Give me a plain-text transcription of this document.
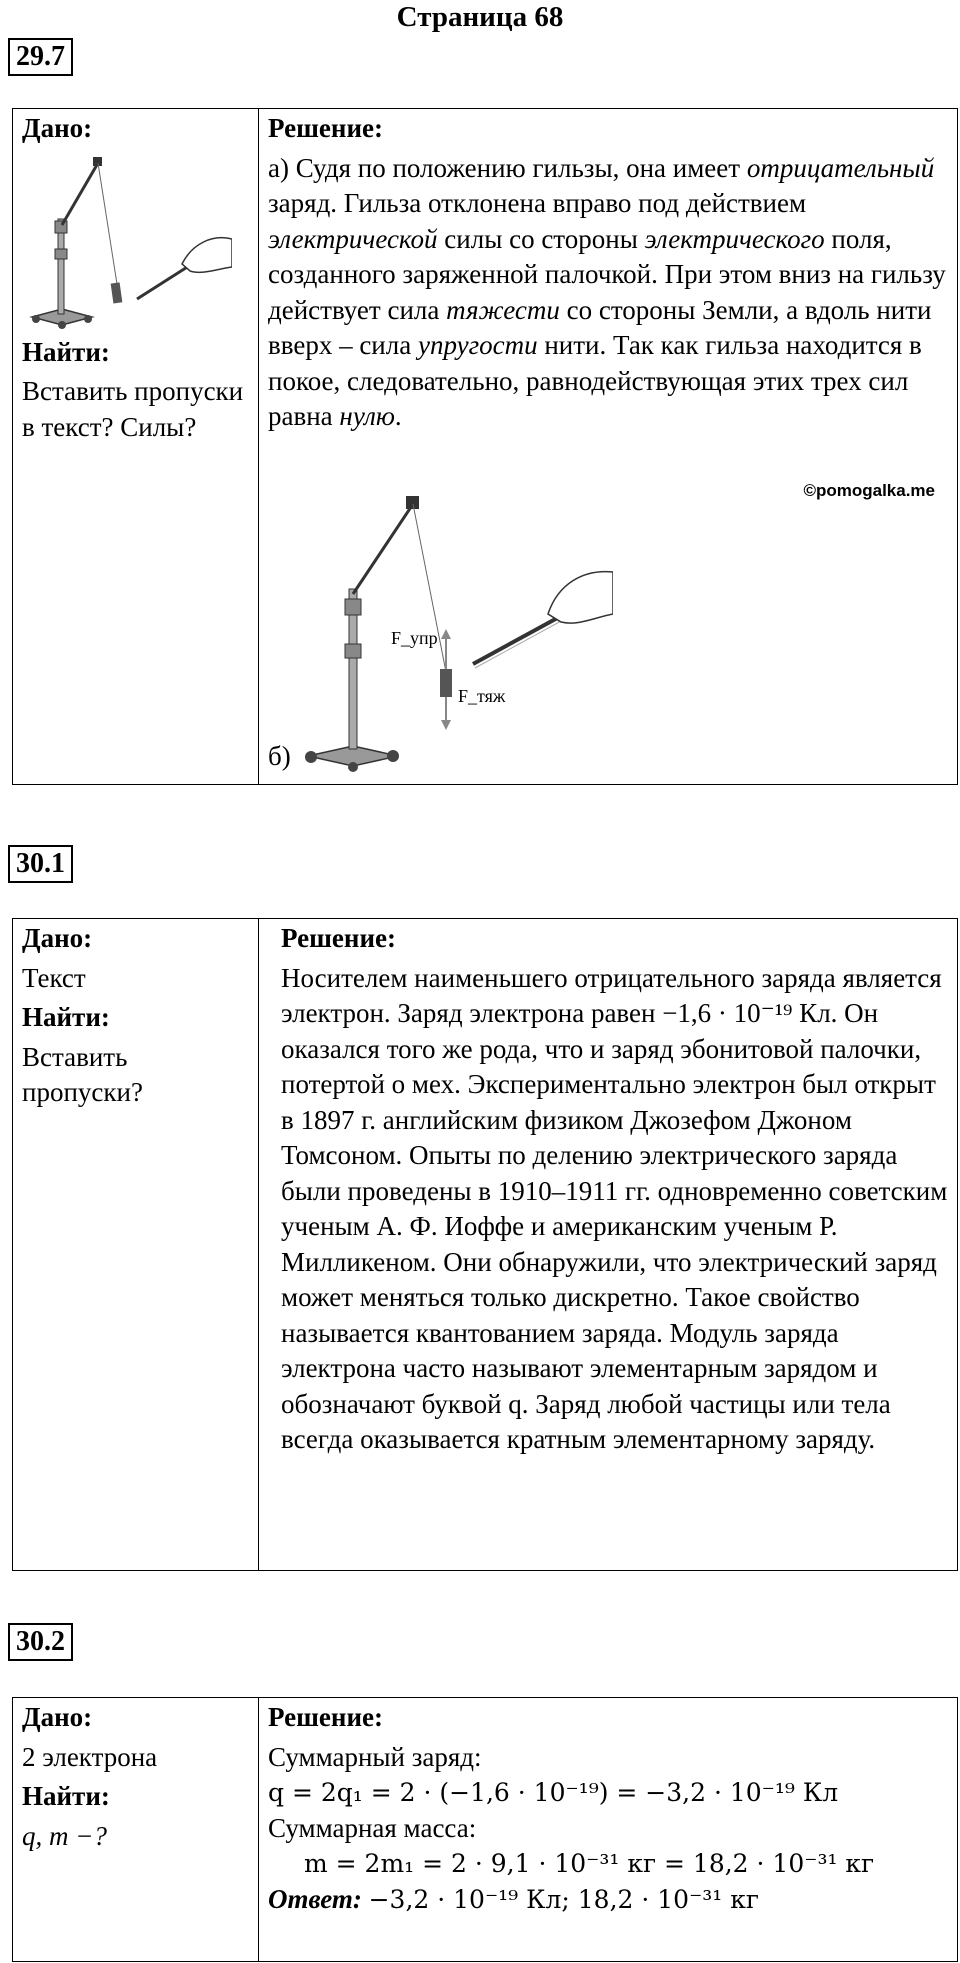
Страница 68
29.7
Дано:
Найти:
Вставить пропуски в текст? Силы?

Решение:
а) Судя по положению гильзы, она имеет отрицательный заряд. Гильза отклонена вправо под действием электрической силы со стороны электрического поля, созданного заряженной палочкой. При этом вниз на гильзу действует сила тяжести со стороны Земли, а вдоль нити вверх – сила упругости нити. Так как гильза находится в покое, следовательно, равнодействующая этих трех сил равна нулю.
©pomogalka.me
F_упр
F_тяж
б)
30.1
Дано:
Текст
Найти:
Вставить пропуски?

Решение:
Носителем наименьшего отрицательного заряда является электрон. Заряд электрона равен −1,6 · 10⁻¹⁹ Кл. Он оказался того же рода, что и заряд эбонитовой палочки, потертой о мех. Экспериментально электрон был открыт в 1897 г. английским физиком Джозефом Джоном Томсоном. Опыты по делению электрического заряда были проведены в 1910–1911 гг. одновременно советским ученым А. Ф. Иоффе и американским ученым Р. Милликеном. Они обнаружили, что электрический заряд может меняться только дискретно. Такое свойство называется квантованием заряда. Модуль заряда электрона часто называют элементарным зарядом и обозначают буквой q. Заряд любой частицы или тела всегда оказывается кратным элементарному заряду.
30.2
Дано:
2 электрона
Найти:
q, m −?

Решение:
Суммарный заряд:
q = 2q₁ = 2 · (−1,6 · 10⁻¹⁹) = −3,2 · 10⁻¹⁹ Кл
Суммарная масса:
m = 2m₁ = 2 · 9,1 · 10⁻³¹ кг = 18,2 · 10⁻³¹ кг
Ответ: −3,2 · 10⁻¹⁹ Кл; 18,2 · 10⁻³¹ кг
